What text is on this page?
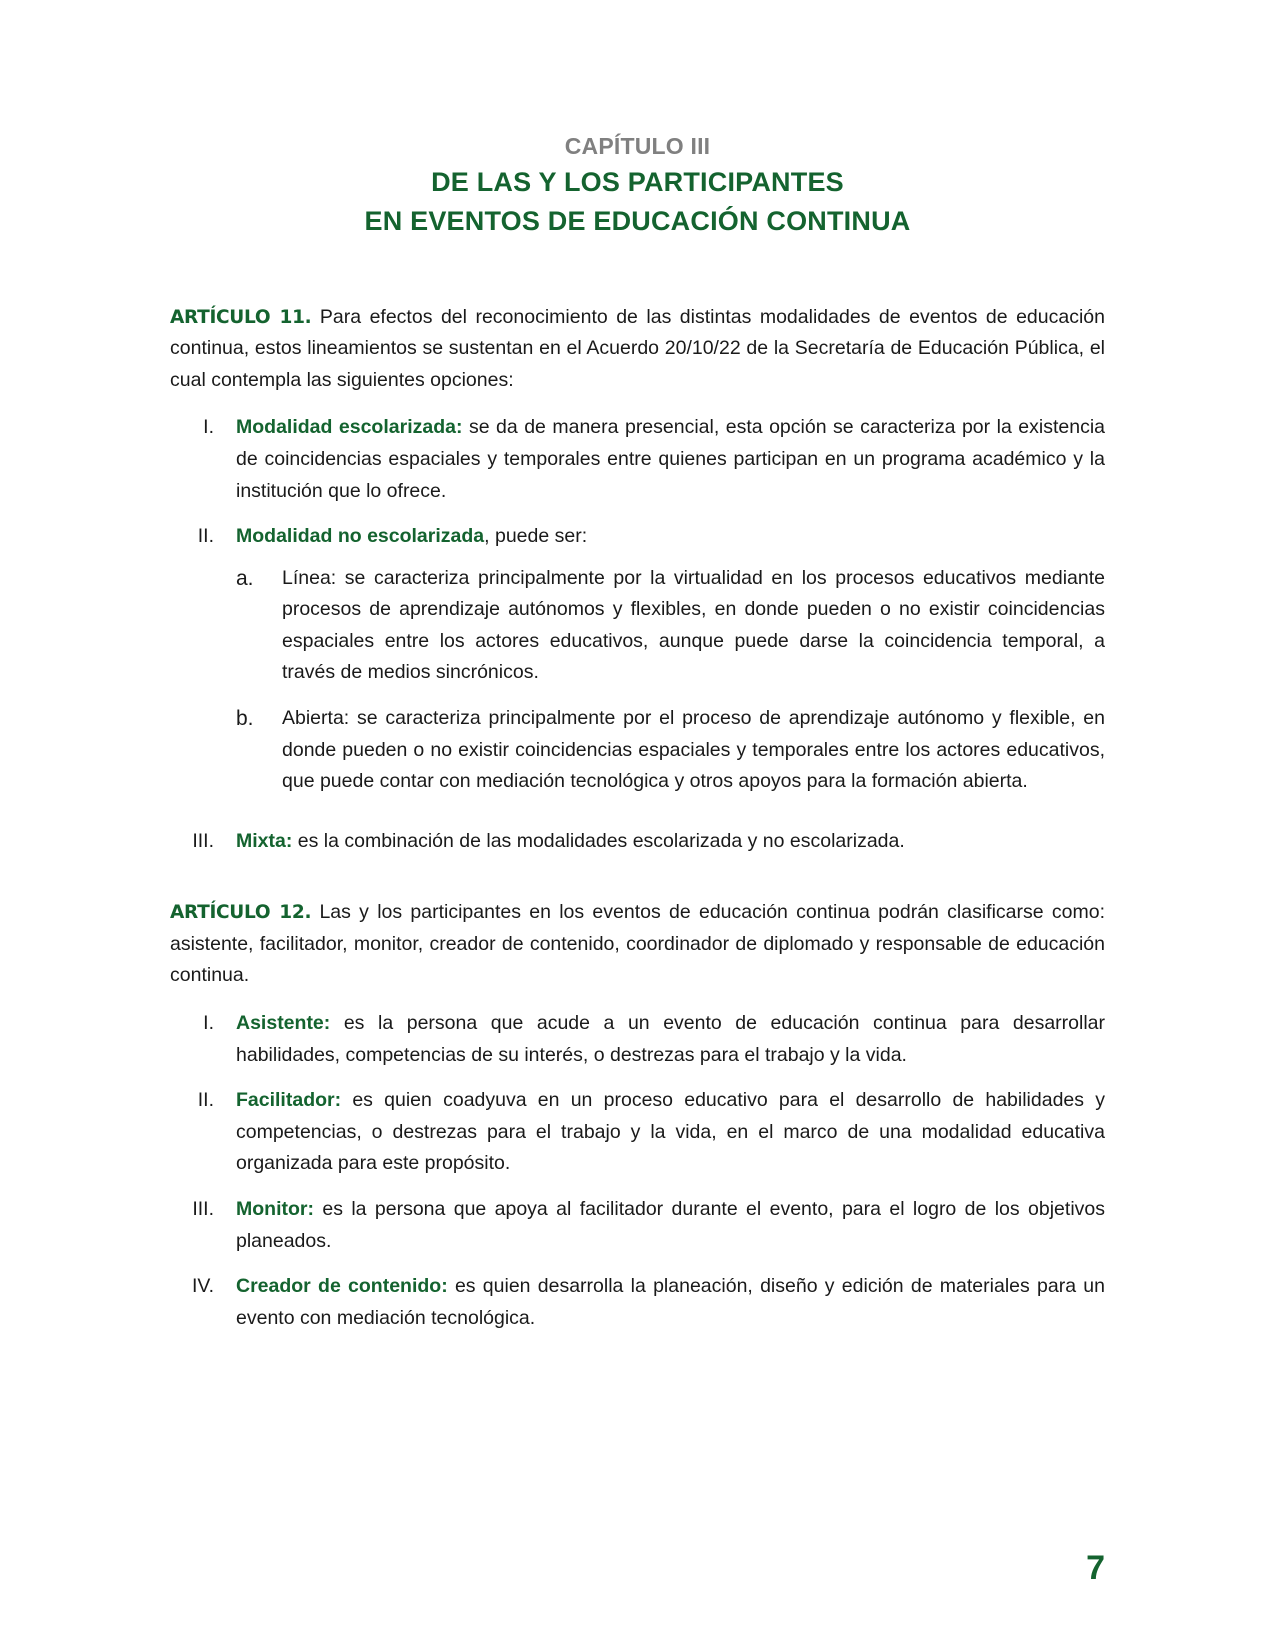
CAPÍTULO III
DE LAS Y LOS PARTICIPANTES
EN EVENTOS DE EDUCACIÓN CONTINUA

ARTÍCULO 11. Para efectos del reconocimiento de las distintas modalidades de eventos de educación continua, estos lineamientos se sustentan en el Acuerdo 20/10/22 de la Secretaría de Educación Pública, el cual contempla las siguientes opciones:

I.	Modalidad escolarizada: se da de manera presencial, esta opción se caracteriza por la existencia de coincidencias espaciales y temporales entre quienes participan en un programa académico y la institución que lo ofrece.
II.	Modalidad no escolarizada, puede ser:
a.	Línea: se caracteriza principalmente por la virtualidad en los procesos educativos mediante procesos de aprendizaje autónomos y flexibles, en donde pueden o no existir coincidencias espaciales entre los actores educativos, aunque puede darse la coincidencia temporal, a través de medios sincrónicos.
b.	Abierta: se caracteriza principalmente por el proceso de aprendizaje autónomo y flexible, en donde pueden o no existir coincidencias espaciales y temporales entre los actores educativos, que puede contar con mediación tecnológica y otros apoyos para la formación abierta.
III.	Mixta: es la combinación de las modalidades escolarizada y no escolarizada.

ARTÍCULO 12. Las y los participantes en los eventos de educación continua podrán clasificarse como: asistente, facilitador, monitor, creador de contenido, coordinador de diplomado y responsable de educación continua.

I.	Asistente: es la persona que acude a un evento de educación continua para desarrollar habilidades, competencias de su interés, o destrezas para el trabajo y la vida.
II.	Facilitador: es quien coadyuva en un proceso educativo para el desarrollo de habilidades y competencias, o destrezas para el trabajo y la vida, en el marco de una modalidad educativa organizada para este propósito.
III.	Monitor: es la persona que apoya al facilitador durante el evento, para el logro de los objetivos planeados.
IV.	Creador de contenido: es quien desarrolla la planeación, diseño y edición de materiales para un evento con mediación tecnológica.
7
